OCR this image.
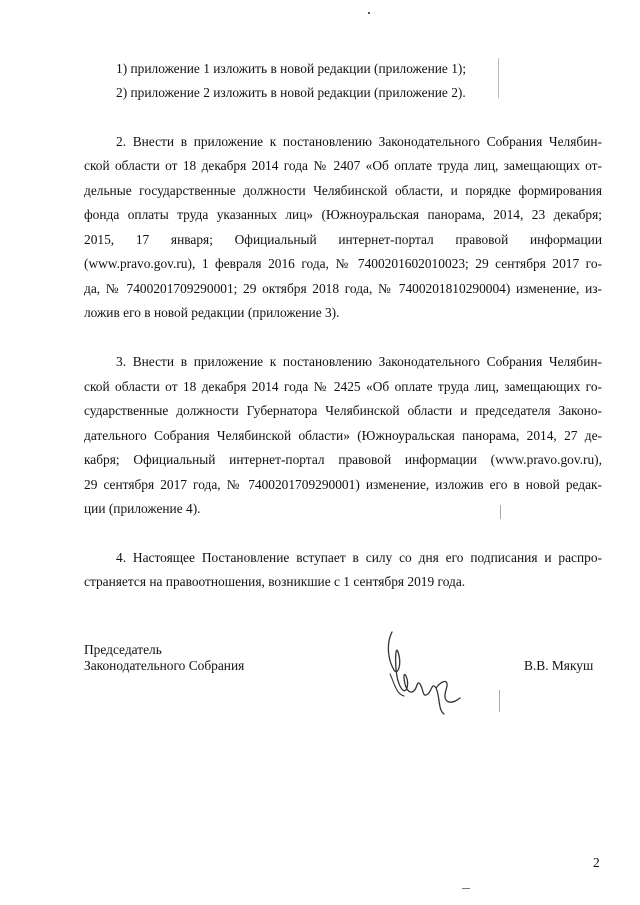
1) приложение 1 изложить в новой редакции (приложение 1);
2) приложение 2 изложить в новой редакции (приложение 2).
2. Внести в приложение к постановлению Законодательного Собрания Челябин-
ской области от 18 декабря 2014 года № 2407 «Об оплате труда лиц, замещающих от-
дельные государственные должности Челябинской области, и порядке формирования
фонда оплаты труда указанных лиц» (Южноуральская панорама, 2014, 23 декабря;
2015, 17 января; Официальный интернет-портал правовой информации
(www.pravo.gov.ru), 1 февраля 2016 года, № 7400201602010023; 29 сентября 2017 го-
да, № 7400201709290001; 29 октября 2018 года, № 7400201810290004) изменение, из-
ложив его в новой редакции (приложение 3).
3. Внести в приложение к постановлению Законодательного Собрания Челябин-
ской области от 18 декабря 2014 года № 2425 «Об оплате труда лиц, замещающих го-
сударственные должности Губернатора Челябинской области и председателя Законо-
дательного Собрания Челябинской области» (Южноуральская панорама, 2014, 27 де-
кабря; Официальный интернет-портал правовой информации (www.pravo.gov.ru),
29 сентября 2017 года, № 7400201709290001) изменение, изложив его в новой редак-
ции (приложение 4).
4. Настоящее Постановление вступает в силу со дня его подписания и распро-
страняется на правоотношения, возникшие с 1 сентября 2019 года.
Председатель
Законодательного Собрания	В.В. Мякуш
2
